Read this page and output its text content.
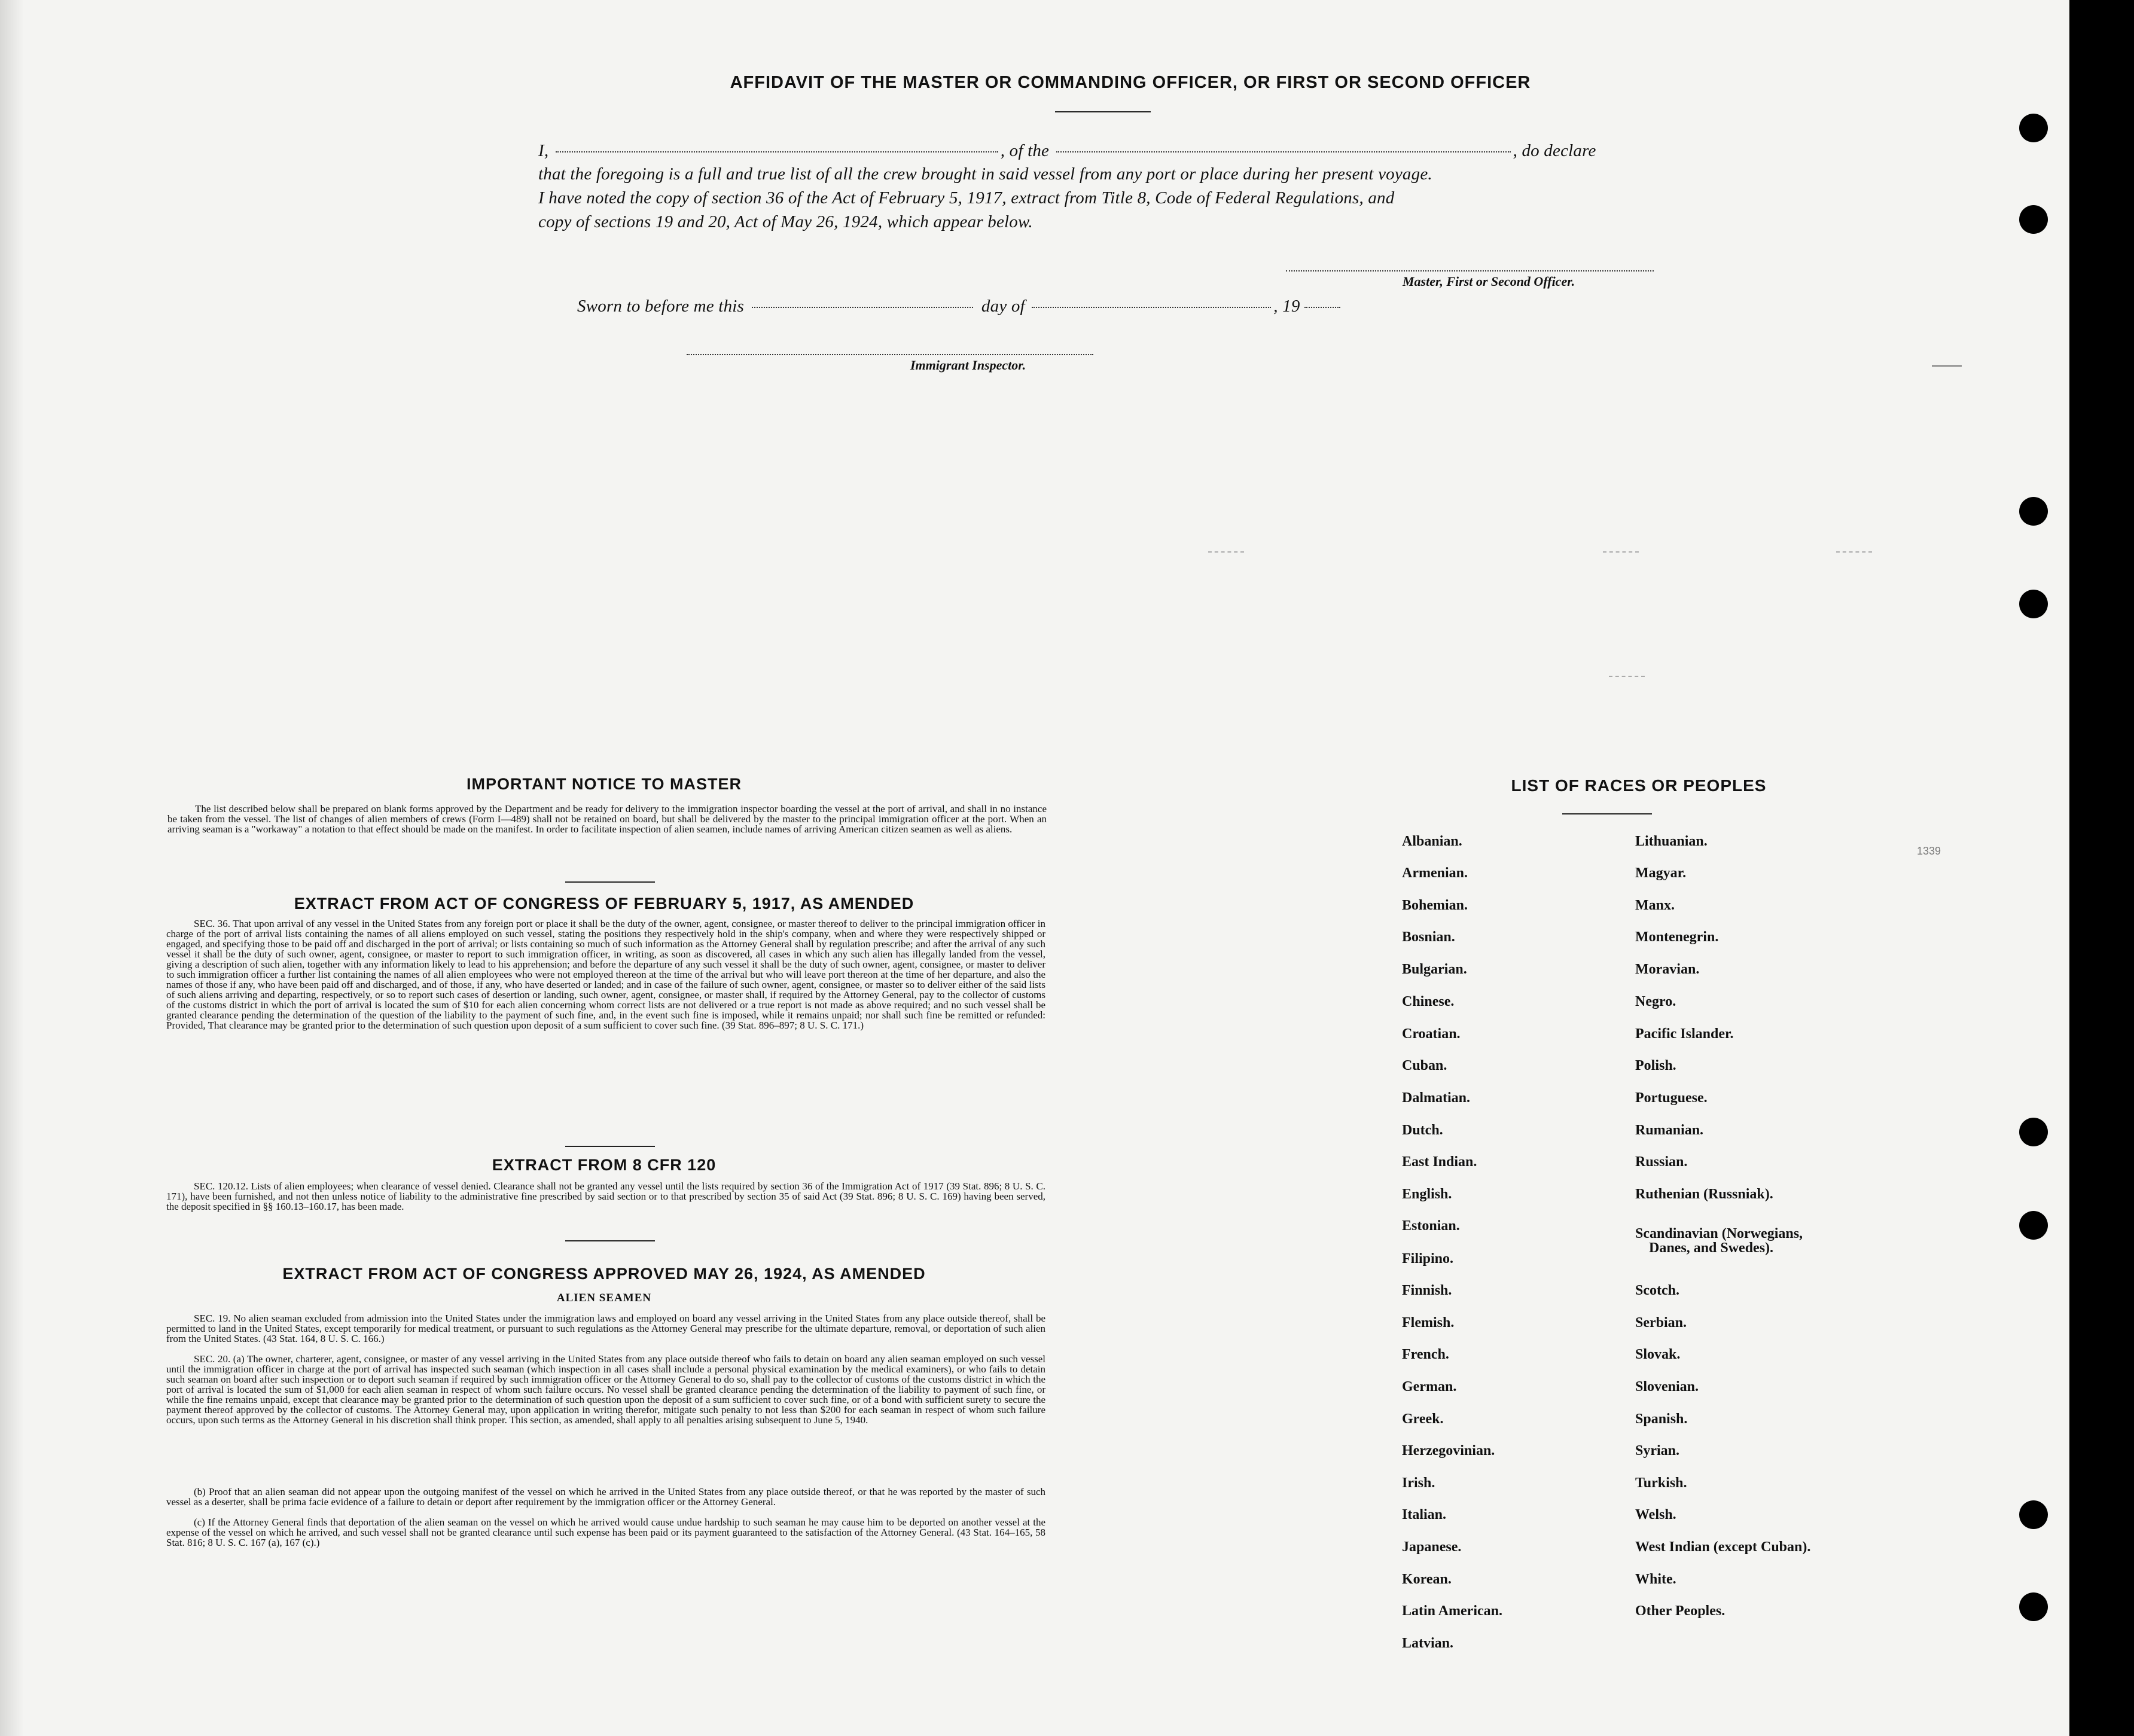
AFFIDAVIT OF THE MASTER OR COMMANDING OFFICER, OR FIRST OR SECOND OFFICER
I,	, of the	, do declare
that the foregoing is a full and true list of all the crew brought in said vessel from any port or place during her present voyage.
I have noted the copy of section 36 of the Act of February 5, 1917, extract from Title 8, Code of Federal Regulations, and
copy of sections 19 and 20, Act of May 26, 1924, which appear below.
Master, First or Second Officer.
Sworn to before me this	day of	, 19
Immigrant Inspector.
1339
IMPORTANT NOTICE TO MASTER
The list described below shall be prepared on blank forms approved by the Department and be ready for delivery to the immigration inspector boarding the vessel at the port of arrival, and shall in no instance be taken from the vessel. The list of changes of alien members of crews (Form I—489) shall not be retained on board, but shall be delivered by the master to the principal immigration officer at the port. When an arriving seaman is a "workaway" a notation to that effect should be made on the manifest. In order to facilitate inspection of alien seamen, include names of arriving American citizen seamen as well as aliens.
EXTRACT FROM ACT OF CONGRESS OF FEBRUARY 5, 1917, AS AMENDED
SEC. 36. That upon arrival of any vessel in the United States from any foreign port or place it shall be the duty of the owner, agent, consignee, or master thereof to deliver to the principal immigration officer in charge of the port of arrival lists containing the names of all aliens employed on such vessel, stating the positions they respectively hold in the ship's company, when and where they were respectively shipped or engaged, and specifying those to be paid off and discharged in the port of arrival; or lists containing so much of such information as the Attorney General shall by regulation prescribe; and after the arrival of any such vessel it shall be the duty of such owner, agent, consignee, or master to report to such immigration officer, in writing, as soon as discovered, all cases in which any such alien has illegally landed from the vessel, giving a description of such alien, together with any information likely to lead to his apprehension; and before the departure of any such vessel it shall be the duty of such owner, agent, consignee, or master to deliver to such immigration officer a further list containing the names of all alien employees who were not employed thereon at the time of the arrival but who will leave port thereon at the time of her departure, and also the names of those if any, who have been paid off and discharged, and of those, if any, who have deserted or landed; and in case of the failure of such owner, agent, consignee, or master so to deliver either of the said lists of such aliens arriving and departing, respectively, or so to report such cases of desertion or landing, such owner, agent, consignee, or master shall, if required by the Attorney General, pay to the collector of customs of the customs district in which the port of arrival is located the sum of $10 for each alien concerning whom correct lists are not delivered or a true report is not made as above required; and no such vessel shall be granted clearance pending the determination of the question of the liability to the payment of such fine, and, in the event such fine is imposed, while it remains unpaid; nor shall such fine be remitted or refunded: Provided, That clearance may be granted prior to the determination of such question upon deposit of a sum sufficient to cover such fine. (39 Stat. 896–897; 8 U. S. C. 171.)
EXTRACT FROM 8 CFR 120
SEC. 120.12. Lists of alien employees; when clearance of vessel denied. Clearance shall not be granted any vessel until the lists required by section 36 of the Immigration Act of 1917 (39 Stat. 896; 8 U. S. C. 171), have been furnished, and not then unless notice of liability to the administrative fine prescribed by said section or to that prescribed by section 35 of said Act (39 Stat. 896; 8 U. S. C. 169) having been served, the deposit specified in §§ 160.13–160.17, has been made.
EXTRACT FROM ACT OF CONGRESS APPROVED MAY 26, 1924, AS AMENDED
ALIEN SEAMEN
SEC. 19. No alien seaman excluded from admission into the United States under the immigration laws and employed on board any vessel arriving in the United States from any place outside thereof, shall be permitted to land in the United States, except temporarily for medical treatment, or pursuant to such regulations as the Attorney General may prescribe for the ultimate departure, removal, or deportation of such alien from the United States. (43 Stat. 164, 8 U. S. C. 166.)
SEC. 20. (a) The owner, charterer, agent, consignee, or master of any vessel arriving in the United States from any place outside thereof who fails to detain on board any alien seaman employed on such vessel until the immigration officer in charge at the port of arrival has inspected such seaman (which inspection in all cases shall include a personal physical examination by the medical examiners), or who fails to detain such seaman on board after such inspection or to deport such seaman if required by such immigration officer or the Attorney General to do so, shall pay to the collector of customs of the customs district in which the port of arrival is located the sum of $1,000 for each alien seaman in respect of whom such failure occurs. No vessel shall be granted clearance pending the determination of the liability to payment of such fine, or while the fine remains unpaid, except that clearance may be granted prior to the determination of such question upon the deposit of a sum sufficient to cover such fine, or of a bond with sufficient surety to secure the payment thereof approved by the collector of customs. The Attorney General may, upon application in writing therefor, mitigate such penalty to not less than $200 for each seaman in respect of whom such failure occurs, upon such terms as the Attorney General in his discretion shall think proper. This section, as amended, shall apply to all penalties arising subsequent to June 5, 1940.
(b) Proof that an alien seaman did not appear upon the outgoing manifest of the vessel on which he arrived in the United States from any place outside thereof, or that he was reported by the master of such vessel as a deserter, shall be prima facie evidence of a failure to detain or deport after requirement by the immigration officer or the Attorney General.
(c) If the Attorney General finds that deportation of the alien seaman on the vessel on which he arrived would cause undue hardship to such seaman he may cause him to be deported on another vessel at the expense of the vessel on which he arrived, and such vessel shall not be granted clearance until such expense has been paid or its payment guaranteed to the satisfaction of the Attorney General. (43 Stat. 164–165, 58 Stat. 816; 8 U. S. C. 167 (a), 167 (c).)
LIST OF RACES OR PEOPLES
Albanian.
Armenian.
Bohemian.
Bosnian.
Bulgarian.
Chinese.
Croatian.
Cuban.
Dalmatian.
Dutch.
East Indian.
English.
Estonian.
Filipino.
Finnish.
Flemish.
French.
German.
Greek.
Herzegovinian.
Irish.
Italian.
Japanese.
Korean.
Latin American.
Latvian.
Lithuanian.
Magyar.
Manx.
Montenegrin.
Moravian.
Negro.
Pacific Islander.
Polish.
Portuguese.
Rumanian.
Russian.
Ruthenian (Russniak).
Scandinavian (Norwegians,
Danes, and Swedes).
Scotch.
Serbian.
Slovak.
Slovenian.
Spanish.
Syrian.
Turkish.
Welsh.
West Indian (except Cuban).
White.
Other Peoples.
